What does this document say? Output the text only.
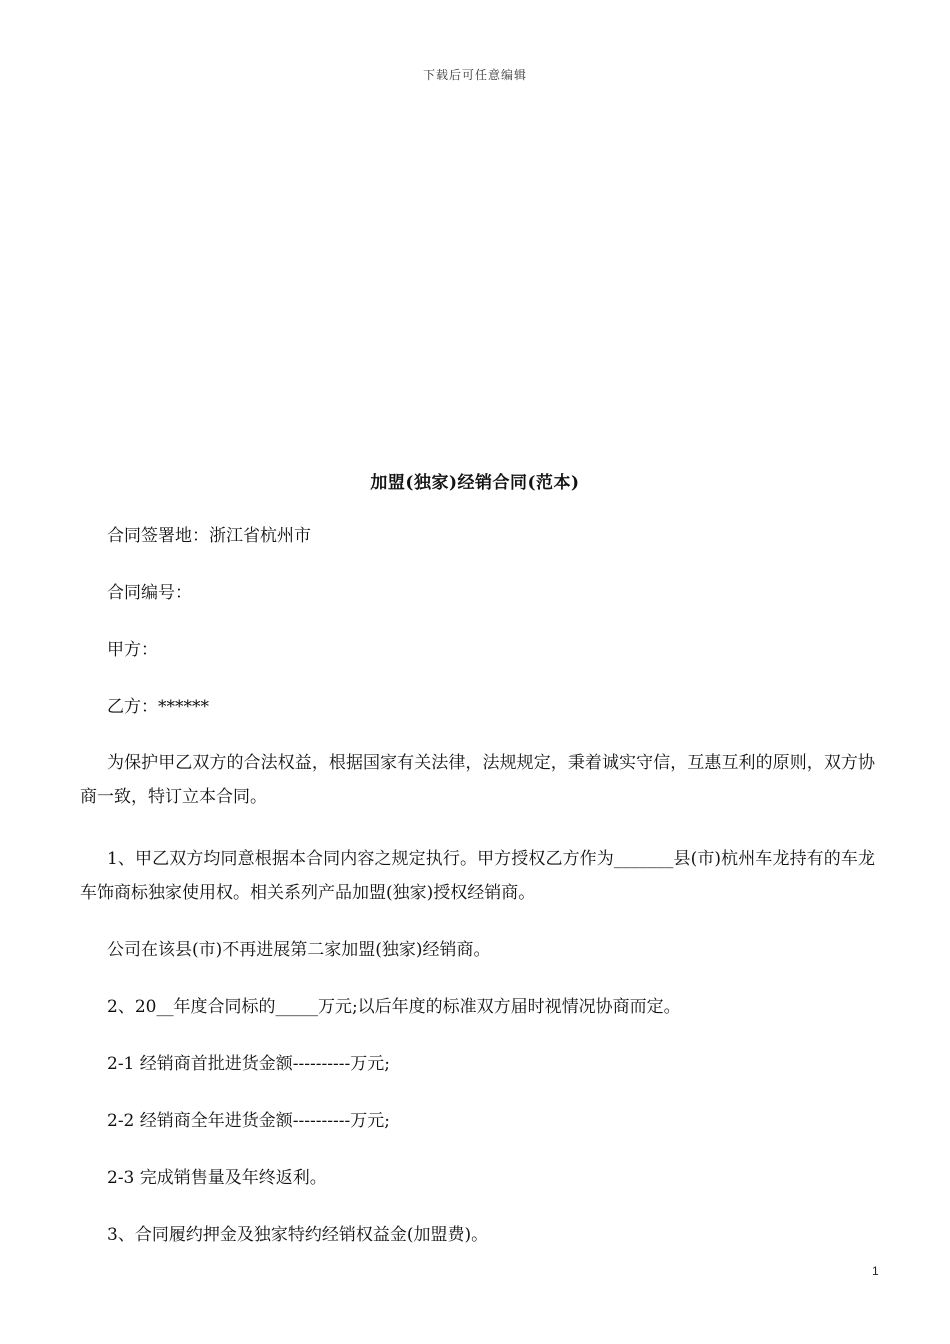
下载后可任意编辑
加盟(独家)经销合同(范本)
合同签署地：浙江省杭州市
合同编号：
甲方：
乙方：******
为保护甲乙双方的合法权益，根据国家有关法律，法规规定，秉着诚实守信，互惠互利的原则，双方协商一致，特订立本合同。
1、甲乙双方均同意根据本合同内容之规定执行。甲方授权乙方作为_______县(市)杭州车龙持有的车龙车饰商标独家使用权。相关系列产品加盟(独家)授权经销商。
公司在该县(市)不再进展第二家加盟(独家)经销商。
2、20__年度合同标的_____万元;以后年度的标准双方届时视情况协商而定。
2-1 经销商首批进货金额----------万元;
2-2 经销商全年进货金额----------万元;
2-3 完成销售量及年终返利。
3、合同履约押金及独家特约经销权益金(加盟费)。
1
